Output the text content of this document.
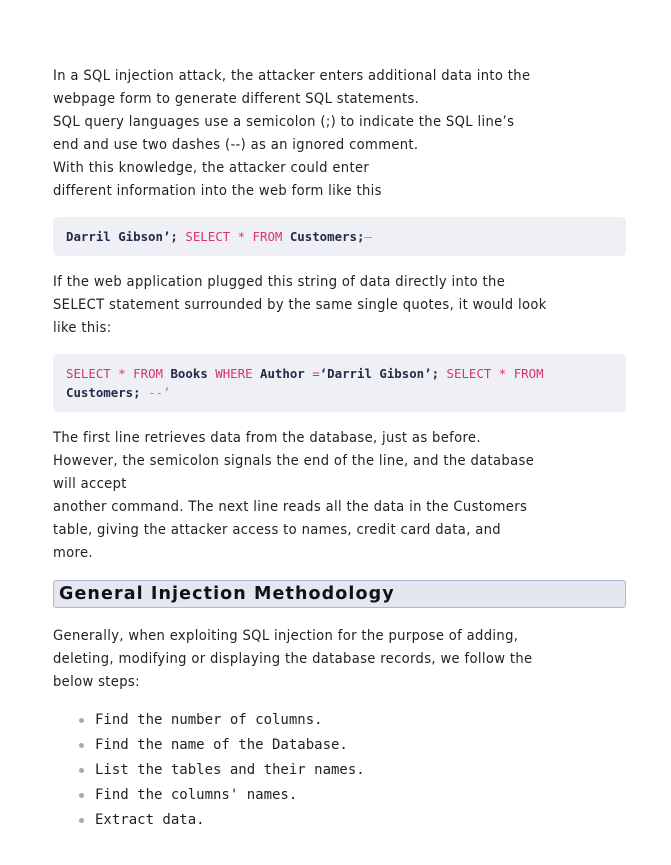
In a SQL injection attack, the attacker enters additional data into the
webpage form to generate different SQL statements.
SQL query languages use a semicolon (;) to indicate the SQL line’s
end and use two dashes (--) as an ignored comment.
With this knowledge, the attacker could enter
different information into the web form like this

Darril Gibson’; SELECT * FROM Customers;—

If the web application plugged this string of data directly into the
SELECT statement surrounded by the same single quotes, it would look
like this:

SELECT * FROM Books WHERE Author =‘Darril Gibson’; SELECT * FROM
Customers; --’

The first line retrieves data from the database, just as before.
However, the semicolon signals the end of the line, and the database
will accept
another command. The next line reads all the data in the Customers
table, giving the attacker access to names, credit card data, and
more.

General Injection Methodology

Generally, when exploiting SQL injection for the purpose of adding,
deleting, modifying or displaying the database records, we follow the
below steps:

Find the number of columns.
Find the name of the Database.
List the tables and their names.
Find the columns' names.
Extract data.
